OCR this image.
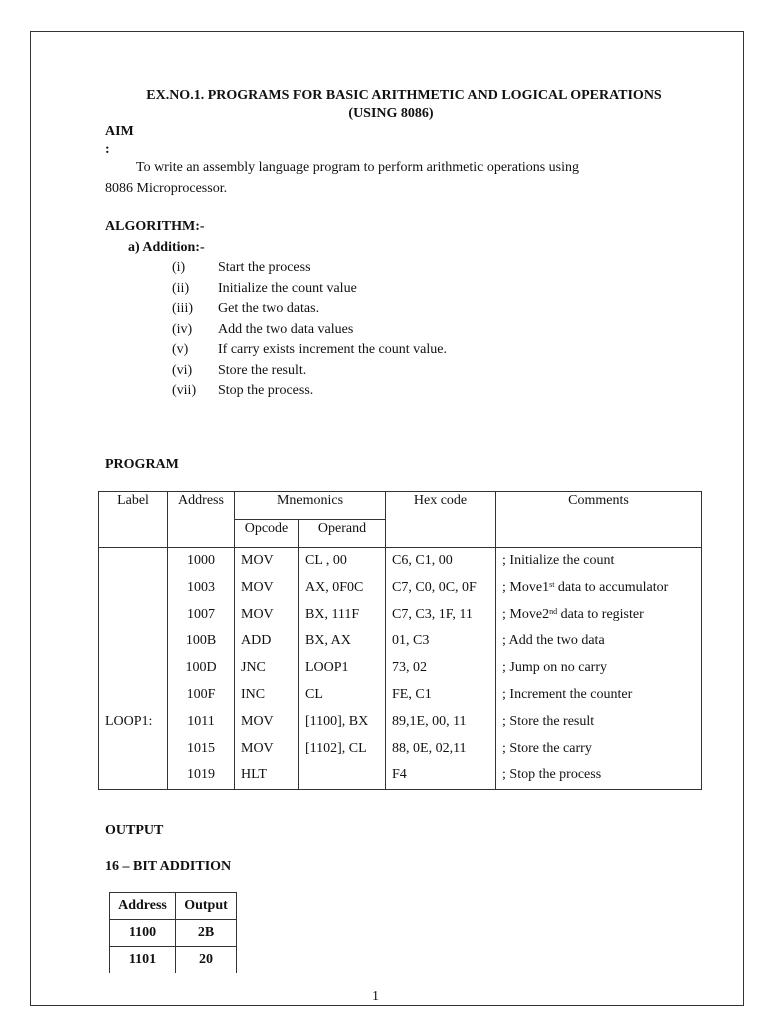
EX.NO.1. PROGRAMS FOR BASIC ARITHMETIC AND LOGICAL OPERATIONS
(USING 8086)
AIM
:
To write an assembly language program to perform arithmetic operations using
8086 Microprocessor.
ALGORITHM:-
a) Addition:-
(i) Start the process
(ii) Initialize the count value
(iii) Get the two datas.
(iv) Add the two data values
(v) If carry exists increment the count value.
(vi) Store the result.
(vii) Stop the process.
PROGRAM
Label	Address	Mnemonics		Hex code	Comments
		Opcode	Operand		
	1000	MOV	CL , 00	C6, C1, 00	; Initialize the count
	1003	MOV	AX, 0F0C	C7, C0, 0C, 0F	; Move1st data to accumulator
	1007	MOV	BX, 111F	C7, C3, 1F, 11	; Move2nd data to register
	100B	ADD	BX, AX	01, C3	; Add the two data
	100D	JNC	LOOP1	73, 02	; Jump on no carry
	100F	INC	CL	FE, C1	; Increment the counter
LOOP1:	1011	MOV	[1100], BX	89,1E, 00, 11	; Store the result
	1015	MOV	[1102], CL	88, 0E, 02,11	; Store the carry
	1019	HLT		F4	; Stop the process
OUTPUT
16 – BIT ADDITION
Address	Output
1100	2B
1101	20
1
